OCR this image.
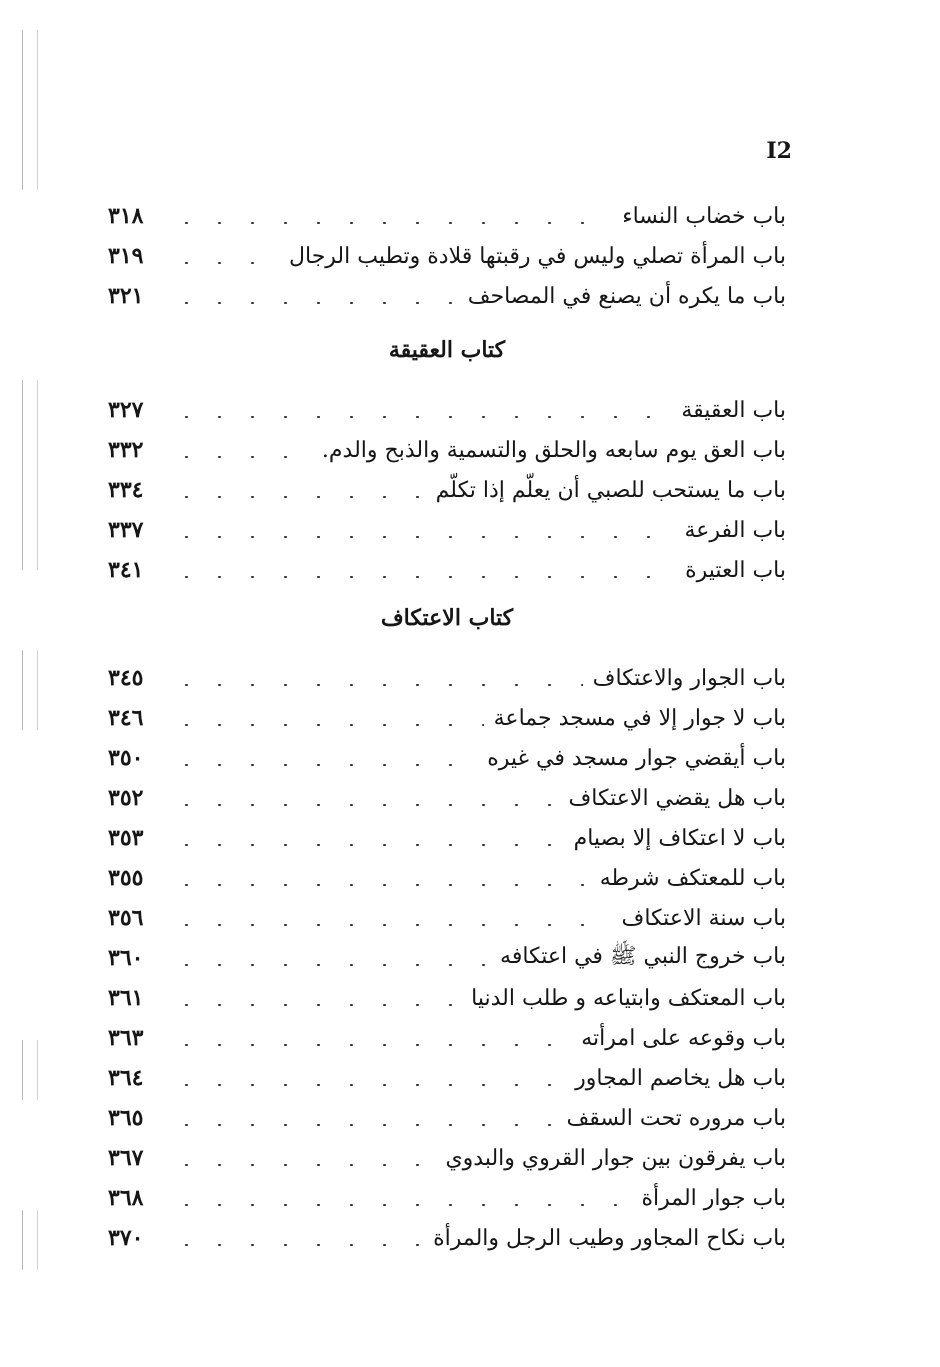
I2
باب خضاب النساء
٣١٨
باب المرأة تصلي وليس في رقبتها قلادة وتطيب الرجال
٣١٩
باب ما يكره أن يصنع في المصاحف
٣٢١
كتاب العقيقة
باب العقيقة
٣٢٧
باب العق يوم سابعه والحلق والتسمية والذبح والدم.
٣٣٢
باب ما يستحب للصبي أن يعلّم إذا تكلّم
٣٣٤
باب الفرعة
٣٣٧
باب العتيرة
٣٤١
كتاب الاعتكاف
باب الجوار والاعتكاف
٣٤٥
باب لا جوار إلا في مسجد جماعة
٣٤٦
باب أيقضي جوار مسجد في غيره
٣٥٠
باب هل يقضي الاعتكاف
٣٥٢
باب لا اعتكاف إلا بصيام
٣٥٣
باب للمعتكف شرطه
٣٥٥
باب سنة الاعتكاف
٣٥٦
باب خروج النبي ﷺ في اعتكافه
٣٦٠
باب المعتكف وابتياعه و طلب الدنيا
٣٦١
باب وقوعه على امرأته
٣٦٣
باب هل يخاصم المجاور
٣٦٤
باب مروره تحت السقف
٣٦٥
باب يفرقون بين جوار القروي والبدوي
٣٦٧
باب جوار المرأة
٣٦٨
باب نكاح المجاور وطيب الرجل والمرأة
٣٧٠
